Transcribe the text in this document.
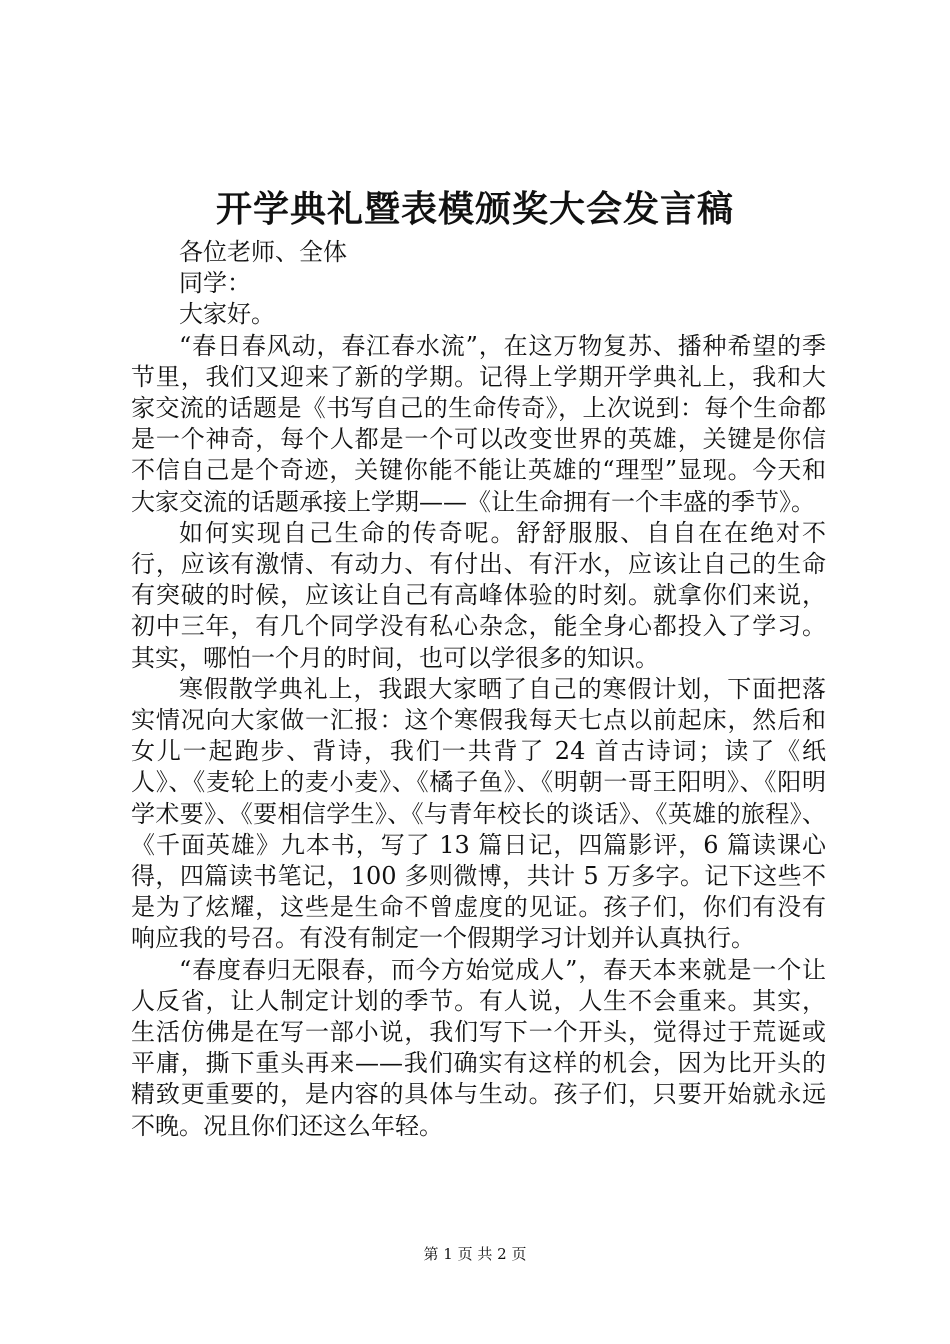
开学典礼暨表模颁奖大会发言稿

各位老师、全体

同学：

大家好。

“春日春风动，春江春水流”，在这万物复苏、播种希望的季节里，我们又迎来了新的学期。记得上学期开学典礼上，我和大家交流的话题是《书写自己的生命传奇》，上次说到：每个生命都是一个神奇，每个人都是一个可以改变世界的英雄，关键是你信不信自己是个奇迹，关键你能不能让英雄的“理型”显现。今天和大家交流的话题承接上学期——《让生命拥有一个丰盛的季节》。

如何实现自己生命的传奇呢。舒舒服服、自自在在绝对不行，应该有激情、有动力、有付出、有汗水，应该让自己的生命有突破的时候，应该让自己有高峰体验的时刻。就拿你们来说，初中三年，有几个同学没有私心杂念，能全身心都投入了学习。其实，哪怕一个月的时间，也可以学很多的知识。

寒假散学典礼上，我跟大家晒了自己的寒假计划，下面把落实情况向大家做一汇报：这个寒假我每天七点以前起床，然后和女儿一起跑步、背诗，我们一共背了 24 首古诗词；读了《纸人》、《麦轮上的麦小麦》、《橘子鱼》、《明朝一哥王阳明》、《阳明学术要》、《要相信学生》、《与青年校长的谈话》、《英雄的旅程》、《千面英雄》九本书，写了 13 篇日记，四篇影评，6 篇读课心得，四篇读书笔记，100 多则微博，共计 5 万多字。记下这些不是为了炫耀，这些是生命不曾虚度的见证。孩子们，你们有没有响应我的号召。有没有制定一个假期学习计划并认真执行。

“春度春归无限春，而今方始觉成人”，春天本来就是一个让人反省，让人制定计划的季节。有人说，人生不会重来。其实，生活仿佛是在写一部小说，我们写下一个开头，觉得过于荒诞或平庸，撕下重头再来——我们确实有这样的机会，因为比开头的精致更重要的，是内容的具体与生动。孩子们，只要开始就永远不晚。况且你们还这么年轻。

第 1 页 共 2 页
